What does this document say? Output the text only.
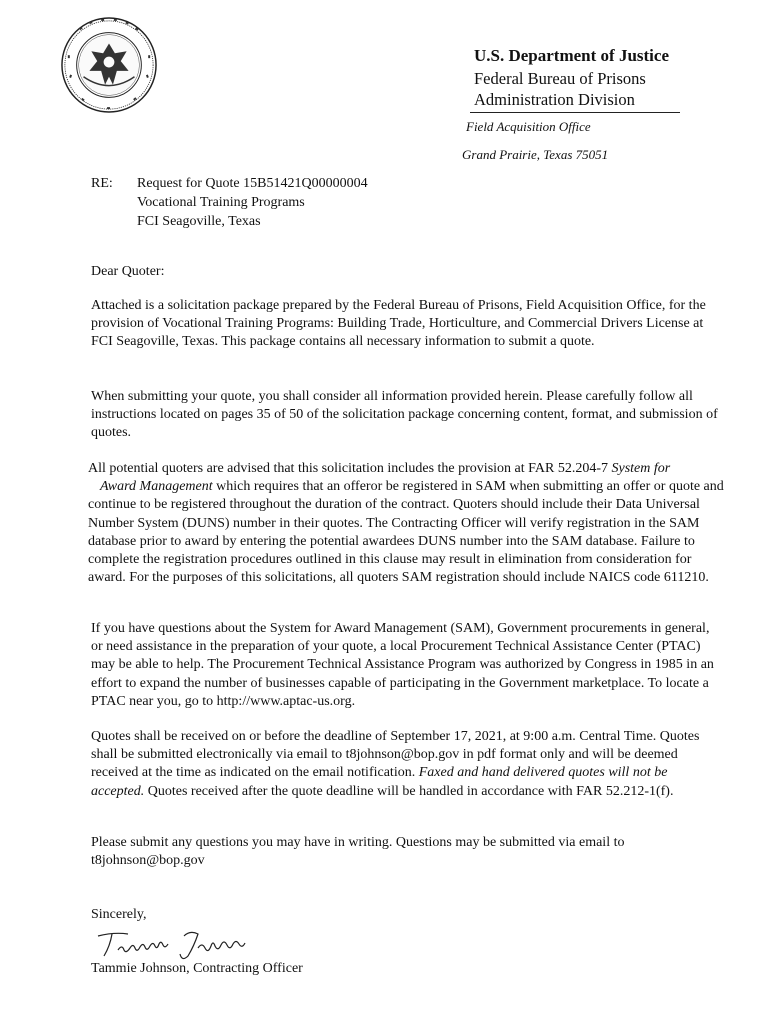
U.S. Department of Justice
Federal Bureau of Prisons
Administration Division
Field Acquisition Office
Grand Prairie, Texas 75051
RE:	Request for Quote 15B51421Q00000004
Vocational Training Programs
FCI Seagoville, Texas

Dear Quoter:

Attached is a solicitation package prepared by the Federal Bureau of Prisons, Field Acquisition Office, for the provision of Vocational Training Programs: Building Trade, Horticulture, and Commercial Drivers License at FCI Seagoville, Texas. This package contains all necessary information to submit a quote.

When submitting your quote, you shall consider all information provided herein. Please carefully follow all instructions located on pages 35 of 50 of the solicitation package concerning content, format, and submission of quotes.

All potential quoters are advised that this solicitation includes the provision at FAR 52.204-7 System for
Award Management which requires that an offeror be registered in SAM when submitting an offer or quote and continue to be registered throughout the duration of the contract. Quoters should include their Data Universal Number System (DUNS) number in their quotes. The Contracting Officer will verify registration in the SAM database prior to award by entering the potential awardees DUNS number into the SAM database. Failure to complete the registration procedures outlined in this clause may result in elimination from consideration for award. For the purposes of this solicitations, all quoters SAM registration should include NAICS code 611210.

If you have questions about the System for Award Management (SAM), Government procurements in general, or need assistance in the preparation of your quote, a local Procurement Technical Assistance Center (PTAC) may be able to help. The Procurement Technical Assistance Program was authorized by Congress in 1985 in an effort to expand the number of businesses capable of participating in the Government marketplace. To locate a PTAC near you, go to http://www.aptac-us.org.

Quotes shall be received on or before the deadline of September 17, 2021, at 9:00 a.m. Central Time. Quotes shall be submitted electronically via email to t8johnson@bop.gov in pdf format only and will be deemed received at the time as indicated on the email notification. Faxed and hand delivered quotes will not be accepted. Quotes received after the quote deadline will be handled in accordance with FAR 52.212-1(f).

Please submit any questions you may have in writing. Questions may be submitted via email to t8johnson@bop.gov

Sincerely,

Tammie Johnson, Contracting Officer
